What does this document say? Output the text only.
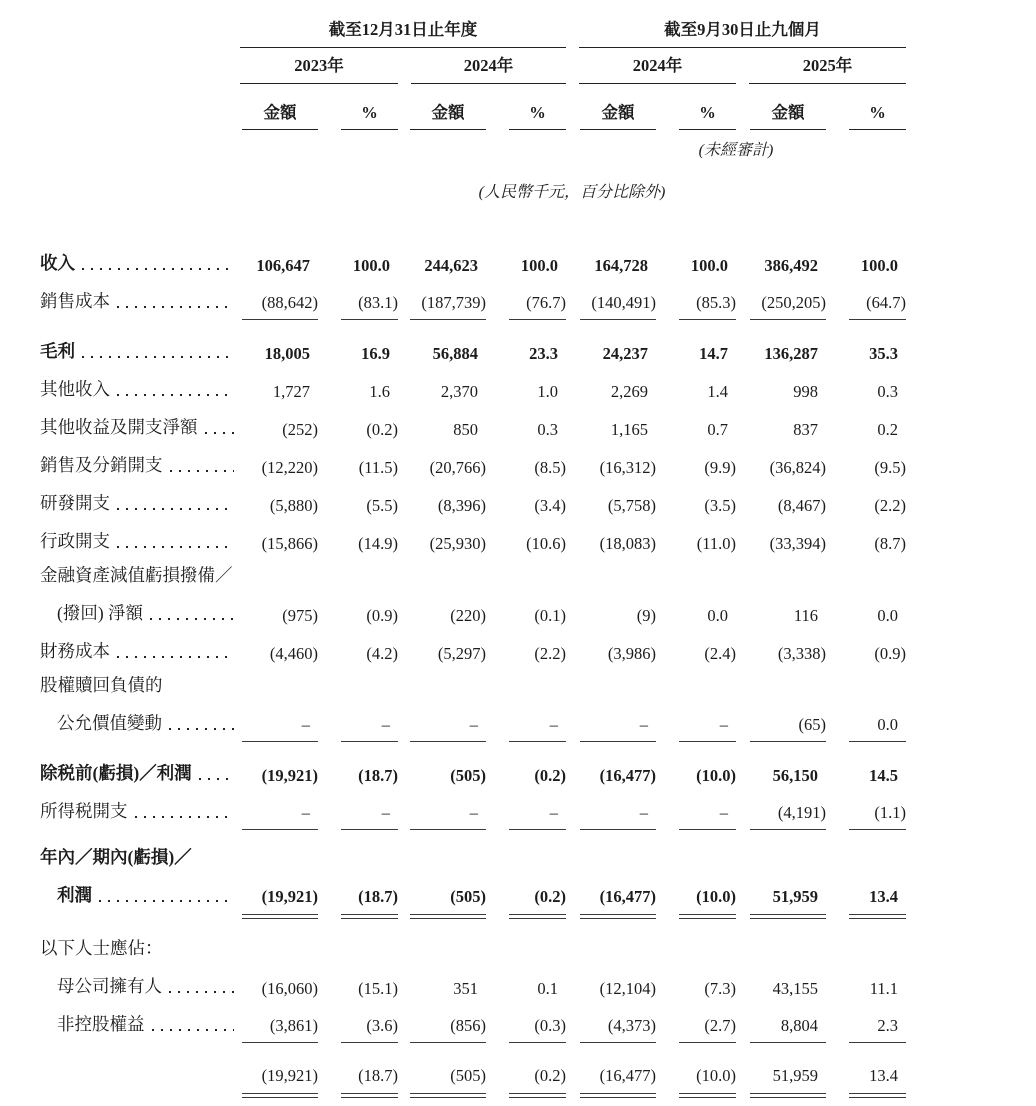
	截至12月31日止年度				截至9月30日止九個月			

	2023年		2024年		2024年		2025年	

	金額	%	金額	%	金額	%	金額	%

					(未經審計)			

	(人民幣千元，百分比除外)							

收入	106,647	100.0	244,623	100.0	164,728	100.0	386,492	100.0

銷售成本	(88,642)	(83.1)	(187,739)	(76.7)	(140,491)	(85.3)	(250,205)	(64.7)

毛利	18,005	16.9	56,884	23.3	24,237	14.7	136,287	35.3

其他收入	1,727	1.6	2,370	1.0	2,269	1.4	998	0.3

其他收益及開支淨額	(252)	(0.2)	850	0.3	1,165	0.7	837	0.2

銷售及分銷開支	(12,220)	(11.5)	(20,766)	(8.5)	(16,312)	(9.9)	(36,824)	(9.5)

研發開支	(5,880)	(5.5)	(8,396)	(3.4)	(5,758)	(3.5)	(8,467)	(2.2)

行政開支	(15,866)	(14.9)	(25,930)	(10.6)	(18,083)	(11.0)	(33,394)	(8.7)

金融資產減值虧損撥備／

(撥回) 淨額	(975)	(0.9)	(220)	(0.1)	(9)	0.0	116	0.0

財務成本	(4,460)	(4.2)	(5,297)	(2.2)	(3,986)	(2.4)	(3,338)	(0.9)

股權贖回負債的

公允價值變動	–	–	–	–	–	–	(65)	0.0

除税前(虧損)／利潤	(19,921)	(18.7)	(505)	(0.2)	(16,477)	(10.0)	56,150	14.5

所得税開支	–	–	–	–	–	–	(4,191)	(1.1)

年內／期內(虧損)／

利潤	(19,921)	(18.7)	(505)	(0.2)	(16,477)	(10.0)	51,959	13.4

以下人士應佔：

母公司擁有人	(16,060)	(15.1)	351	0.1	(12,104)	(7.3)	43,155	11.1

非控股權益	(3,861)	(3.6)	(856)	(0.3)	(4,373)	(2.7)	8,804	2.3

	(19,921)	(18.7)	(505)	(0.2)	(16,477)	(10.0)	51,959	13.4
